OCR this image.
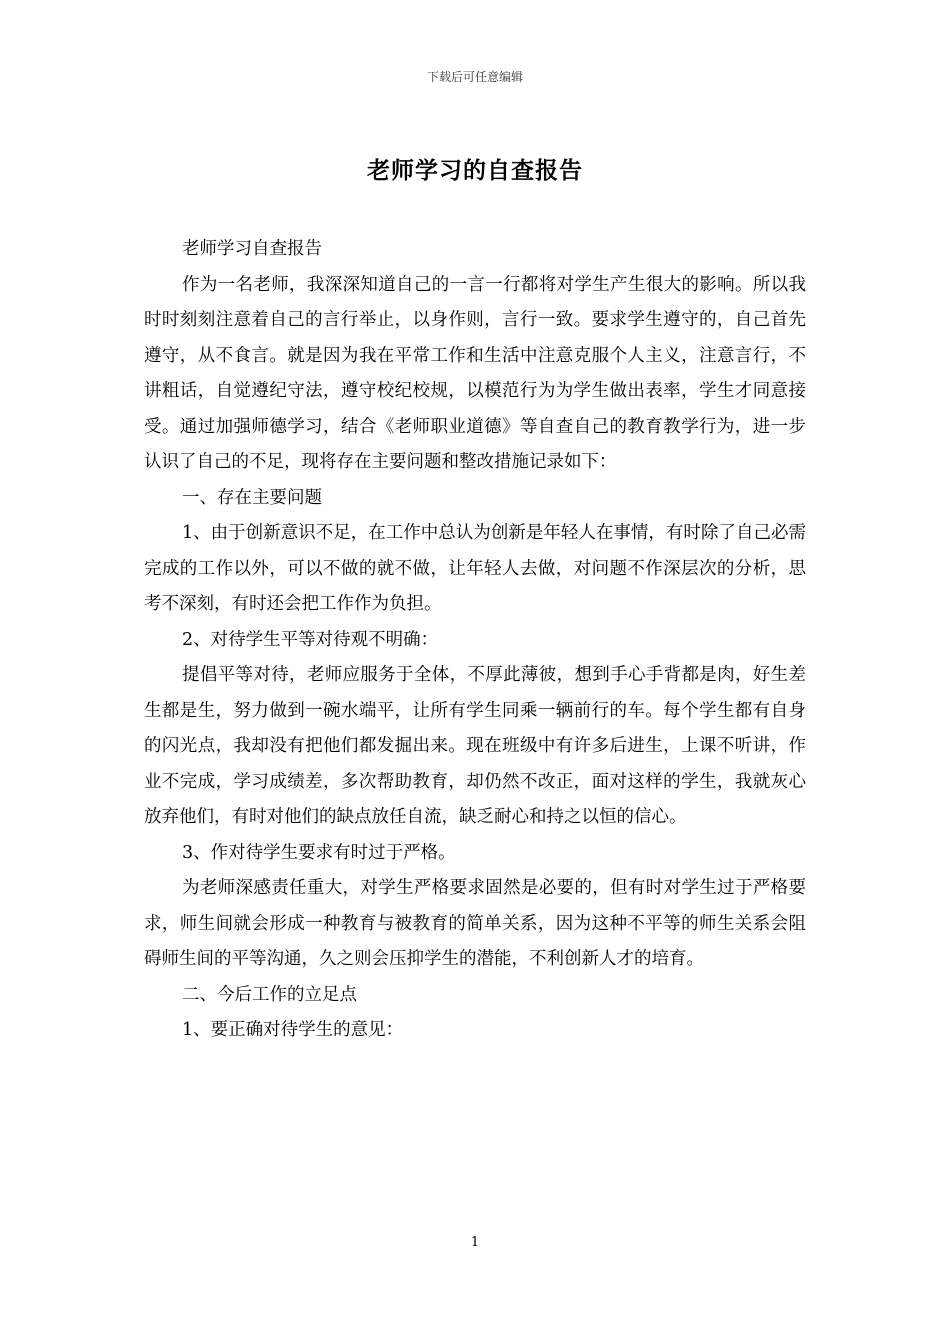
下载后可任意编辑
老师学习的自查报告

老师学习自查报告

作为一名老师，我深深知道自己的一言一行都将对学生产生很大的影响。所以我时时刻刻注意着自己的言行举止，以身作则，言行一致。要求学生遵守的，自己首先遵守，从不食言。就是因为我在平常工作和生活中注意克服个人主义，注意言行，不讲粗话，自觉遵纪守法，遵守校纪校规，以模范行为为学生做出表率，学生才同意接受。通过加强师德学习，结合《老师职业道德》等自查自己的教育教学行为，进一步认识了自己的不足，现将存在主要问题和整改措施记录如下：

一、存在主要问题

1、由于创新意识不足，在工作中总认为创新是年轻人在事情，有时除了自己必需完成的工作以外，可以不做的就不做，让年轻人去做，对问题不作深层次的分析，思考不深刻，有时还会把工作作为负担。

2、对待学生平等对待观不明确：

提倡平等对待，老师应服务于全体，不厚此薄彼，想到手心手背都是肉，好生差生都是生，努力做到一碗水端平，让所有学生同乘一辆前行的车。每个学生都有自身的闪光点，我却没有把他们都发掘出来。现在班级中有许多后进生，上课不听讲，作业不完成，学习成绩差，多次帮助教育，却仍然不改正，面对这样的学生，我就灰心放弃他们，有时对他们的缺点放任自流，缺乏耐心和持之以恒的信心。

3、作对待学生要求有时过于严格。

为老师深感责任重大，对学生严格要求固然是必要的，但有时对学生过于严格要求，师生间就会形成一种教育与被教育的简单关系，因为这种不平等的师生关系会阻碍师生间的平等沟通，久之则会压抑学生的潜能，不利创新人才的培育。

二、今后工作的立足点

1、要正确对待学生的意见：

1
